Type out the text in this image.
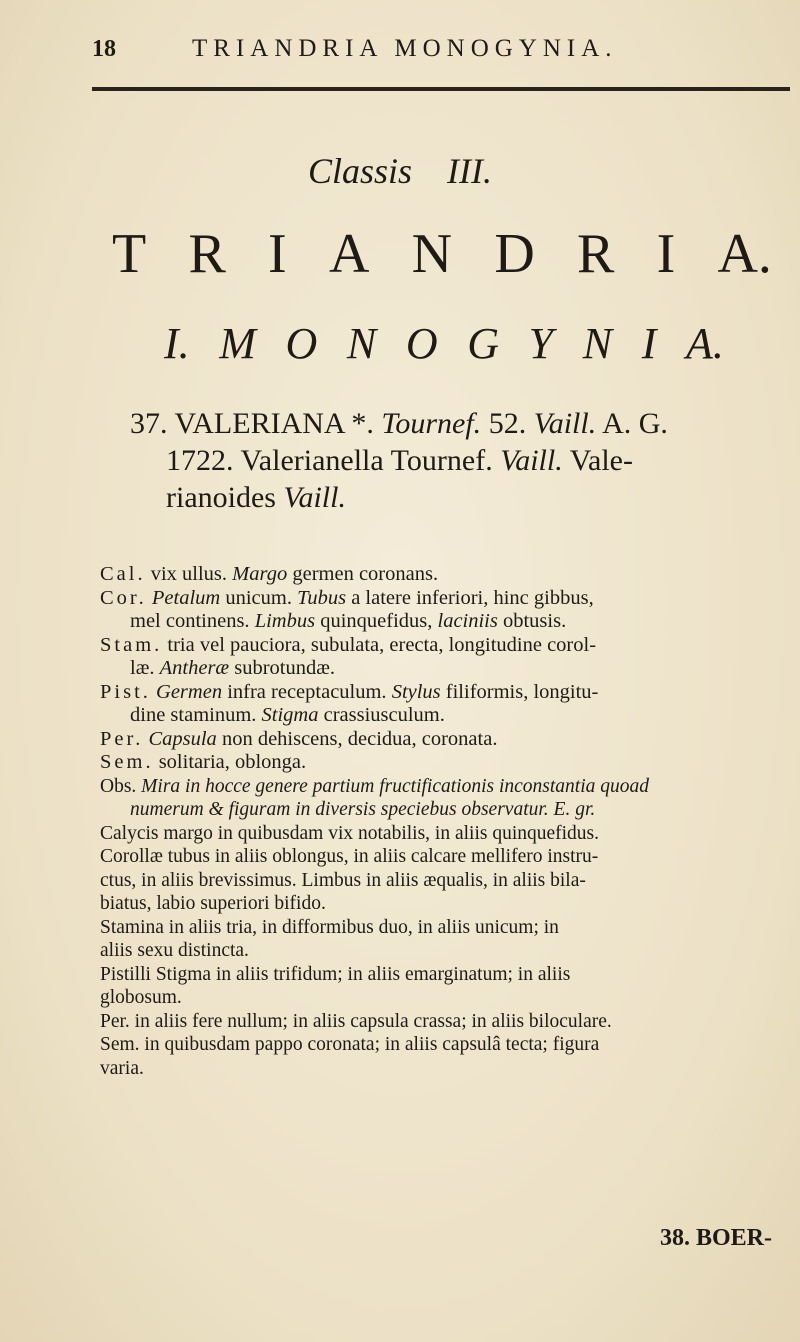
18	TRIANDRIA MONOGYNIA.
Classis III.
T R I A N D R I A.
I. M O N O G Y N I A.
37. VALERIANA *. Tournef. 52. Vaill. A. G.
1722. Valerianella Tournef. Vaill. Vale-
rianoides Vaill.
Cal. vix ullus. Margo germen coronans.
Cor. Petalum unicum. Tubus a latere inferiori, hinc gibbus,
mel continens. Limbus quinquefidus, laciniis obtusis.
Stam. tria vel pauciora, subulata, erecta, longitudine corol-
læ. Antheræ subrotundæ.
Pist. Germen infra receptaculum. Stylus filiformis, longitu-
dine staminum. Stigma crassiusculum.
Per. Capsula non dehiscens, decidua, coronata.
Sem. solitaria, oblonga.
Obs. Mira in hocce genere partium fructificationis inconstantia quoad
numerum & figuram in diversis speciebus observatur. E. gr.
Calycis margo in quibusdam vix notabilis, in aliis quinquefidus.
Corollæ tubus in aliis oblongus, in aliis calcare mellifero instru-
ctus, in aliis brevissimus. Limbus in aliis æqualis, in aliis bila-
biatus, labio superiori bifido.
Stamina in aliis tria, in difformibus duo, in aliis unicum; in
aliis sexu distincta.
Pistilli Stigma in aliis trifidum; in aliis emarginatum; in aliis
globosum.
Per. in aliis fere nullum; in aliis capsula crassa; in aliis biloculare.
Sem. in quibusdam pappo coronata; in aliis capsulâ tecta; figura
varia.
38. BOER-
